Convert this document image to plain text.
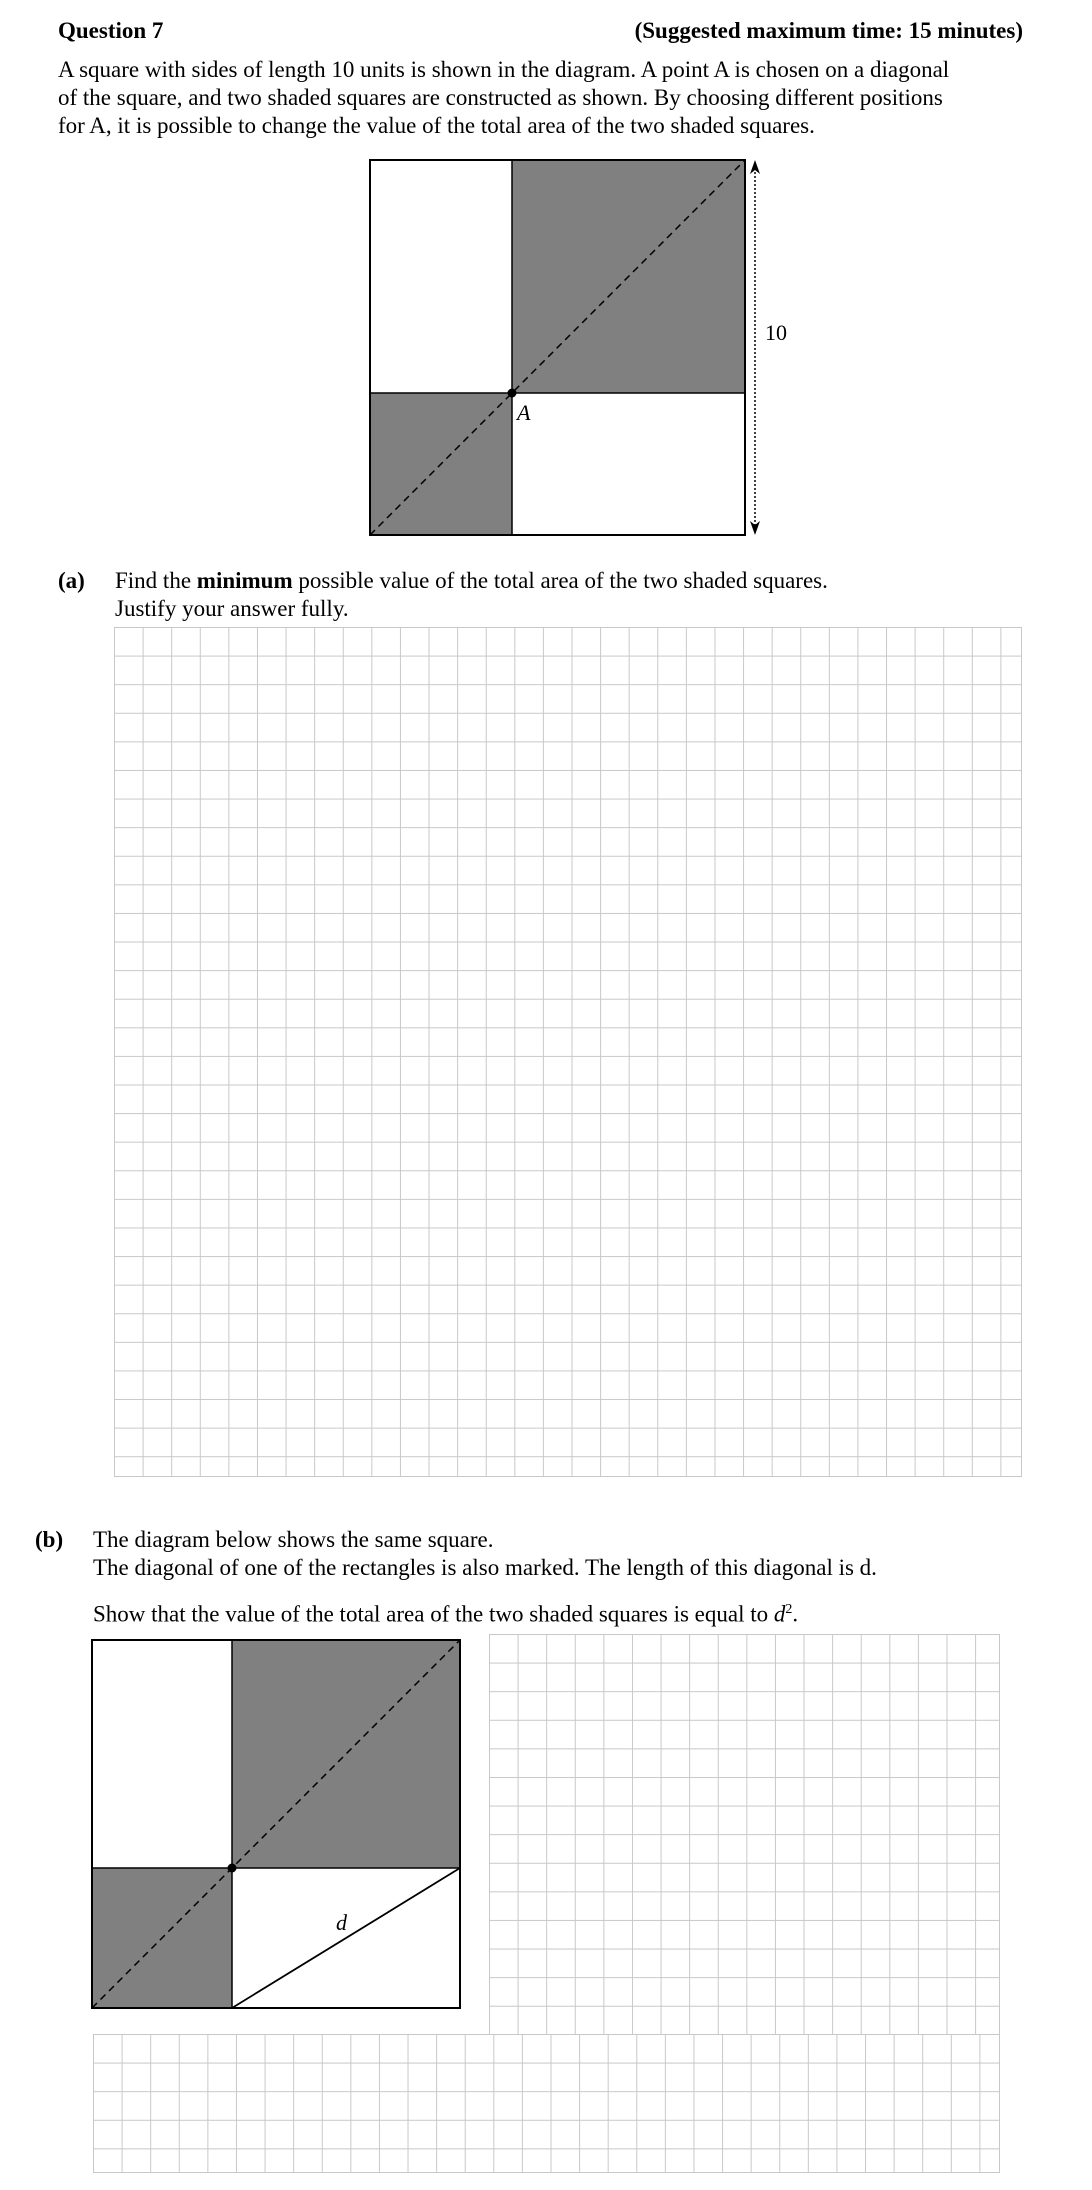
Question 7	(Suggested maximum time: 15 minutes)
A square with sides of length 10 units is shown in the diagram. A point A is chosen on a diagonal
of the square, and two shaded squares are constructed as shown. By choosing different positions
for A, it is possible to change the value of the total area of the two shaded squares.
A
10
(a) Find the minimum possible value of the total area of the two shaded squares.
Justify your answer fully.
(b) The diagram below shows the same square.
The diagonal of one of the rectangles is also marked. The length of this diagonal is d.
Show that the value of the total area of the two shaded squares is equal to $d^2$.
d
